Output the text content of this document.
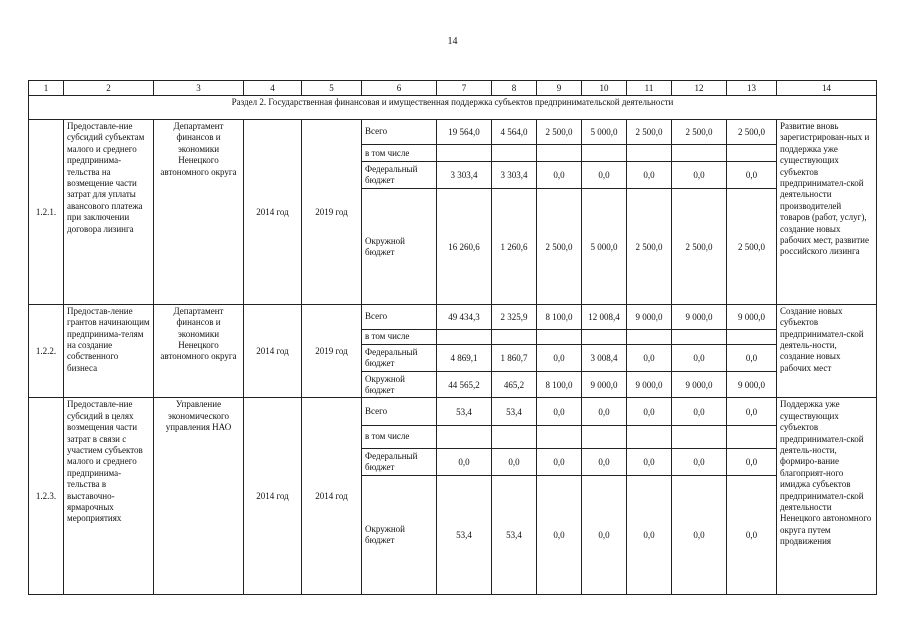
14
1	2	3	4	5	6	7	8	9	10	11	12	13	14
Раздел 2. Государственная финансовая и имущественная поддержка субъектов предпринимательской деятельности													
1.2.1.	Предоставле-ние субсидий субъектам малого и среднего предпринима-тельства на возмещение части затрат для уплаты авансового платежа при заключении договора лизинга	Департамент финансов и экономики Ненецкого автономного округа	2014 год	2019 год	Всего	19 564,0	4 564,0	2 500,0	5 000,0	2 500,0	2 500,0	2 500,0	Развитие вновь зарегистрирован-ных и поддержка уже существующих субъектов предпринимател-ской деятельности производителей товаров (работ, услуг), создание новых рабочих мест, развитие российского лизинга
					в том числе								
					Федеральный бюджет	3 303,4	3 303,4	0,0	0,0	0,0	0,0	0,0	
					Окружной бюджет	16 260,6	1 260,6	2 500,0	5 000,0	2 500,0	2 500,0	2 500,0	
1.2.2.	Предостав-ление грантов начинающим предпринима-телям на создание собственного бизнеса	Департамент финансов и экономики Ненецкого автономного округа	2014 год	2019 год	Всего	49 434,3	2 325,9	8 100,0	12 008,4	9 000,0	9 000,0	9 000,0	Создание новых субъектов предпринимател-ской деятель-ности, создание новых рабочих мест
					в том числе								
					Федеральный бюджет	4 869,1	1 860,7	0,0	3 008,4	0,0	0,0	0,0	
					Окружной бюджет	44 565,2	465,2	8 100,0	9 000,0	9 000,0	9 000,0	9 000,0	
1.2.3.	Предоставле-ние субсидий в целях возмещения части затрат в связи с участием субъектов малого и среднего предпринима-тельства в выставочно-ярмарочных мероприятиях	Управление экономического управления НАО	2014 год	2014 год	Всего	53,4	53,4	0,0	0,0	0,0	0,0	0,0	Поддержка уже существующих субъектов предпринимател-ской деятель-ности, формиро-вание благоприят-ного имиджа субъектов предпринимател-ской деятельности Ненецкого автономного округа путем продвижения
					в том числе								
					Федеральный бюджет	0,0	0,0	0,0	0,0	0,0	0,0	0,0	
					Окружной бюджет	53,4	53,4	0,0	0,0	0,0	0,0	0,0	
